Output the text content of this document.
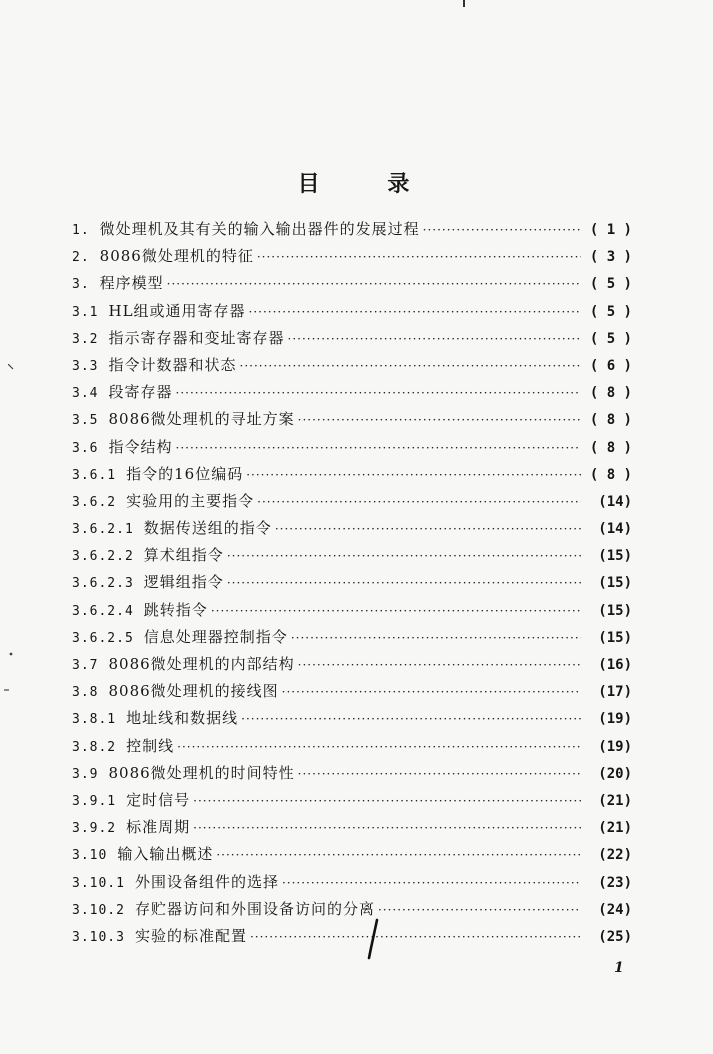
目 录
1. 微处理机及其有关的输入输出器件的发展过程 ·····	( 1 )
2. 8086微处理机的特征 ·····	( 3 )
3. 程序模型 ·····	( 5 )
3.1 HL组或通用寄存器 ·····	( 5 )
3.2 指示寄存器和变址寄存器 ·····	( 5 )
3.3 指令计数器和状态 ·····	( 6 )
3.4 段寄存器 ·····	( 8 )
3.5 8086微处理机的寻址方案 ·····	( 8 )
3.6 指令结构 ·····	( 8 )
3.6.1 指令的16位编码 ·····	( 8 )
3.6.2 实验用的主要指令 ·····	(14)
3.6.2.1 数据传送组的指令 ·····	(14)
3.6.2.2 算术组指令 ·····	(15)
3.6.2.3 逻辑组指令 ·····	(15)
3.6.2.4 跳转指令 ·····	(15)
3.6.2.5 信息处理器控制指令 ·····	(15)
3.7 8086微处理机的内部结构 ·····	(16)
3.8 8086微处理机的接线图 ·····	(17)
3.8.1 地址线和数据线 ·····	(19)
3.8.2 控制线 ·····	(19)
3.9 8086微处理机的时间特性 ·····	(20)
3.9.1 定时信号 ·····	(21)
3.9.2 标准周期 ·····	(21)
3.10 输入输出概述 ·····	(22)
3.10.1 外围设备组件的选择 ·····	(23)
3.10.2 存贮器访问和外围设备访问的分离 ·····	(24)
3.10.3 实验的标准配置 ·····	(25)
1
